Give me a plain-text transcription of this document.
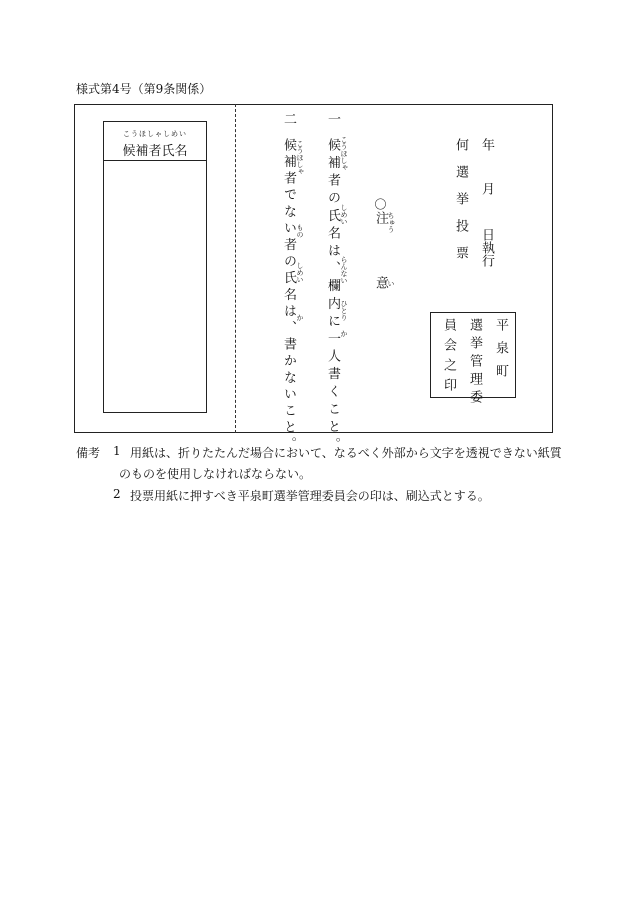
様式第4号（第9条関係）
こうほしゃしめい
候補者氏名
二
候補者でない者の氏名は、書かないこと。 こうほしゃ
もの
しめい
か
一
候補者の氏名は、欄内に一人書くこと。 こうほしゃ
しめい
らんない
ひとり
か
〇
注 ちゅう
意 い
何選挙投票 年
月
日執行
平泉町
選挙管理委
員会之印
備考 1 用紙は、折りたたんだ場合において、なるべく外部から文字を透視できない紙質
のものを使用しなければならない。
2 投票用紙に押すべき平泉町選挙管理委員会の印は、刷込式とする。
